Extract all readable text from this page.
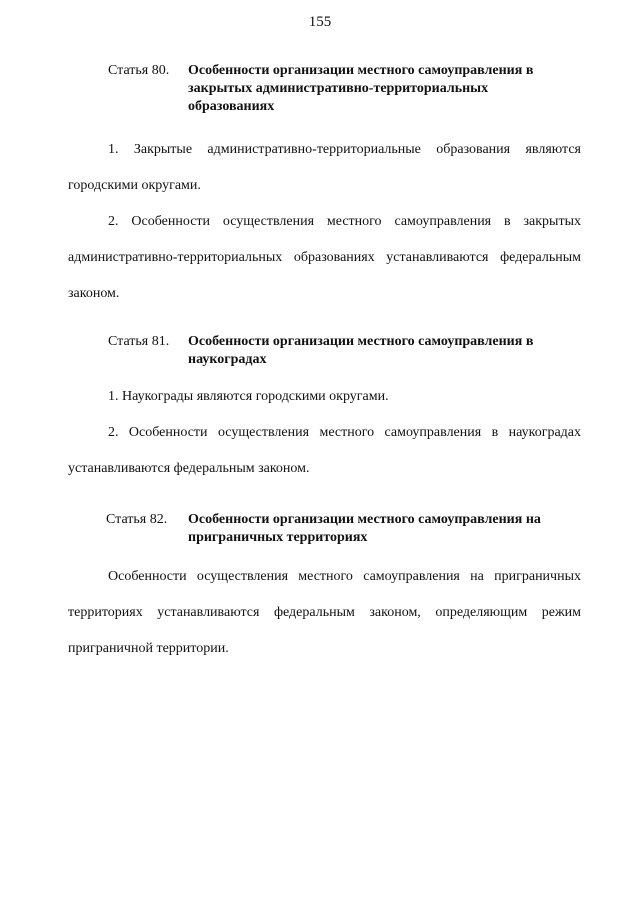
155
Статья 80.	Особенности организации местного самоуправления в закрытых административно-территориальных образованиях

1. Закрытые административно-территориальные образования являются городскими округами.

2. Особенности осуществления местного самоуправления в закрытых административно-территориальных образованиях устанавливаются федеральным законом.

Статья 81.	Особенности организации местного самоуправления в наукоградах

1. Наукограды являются городскими округами.

2. Особенности осуществления местного самоуправления в наукоградах устанавливаются федеральным законом.

Статья 82.	Особенности организации местного самоуправления на приграничных территориях

Особенности осуществления местного самоуправления на приграничных территориях устанавливаются федеральным законом, определяющим режим приграничной территории.
